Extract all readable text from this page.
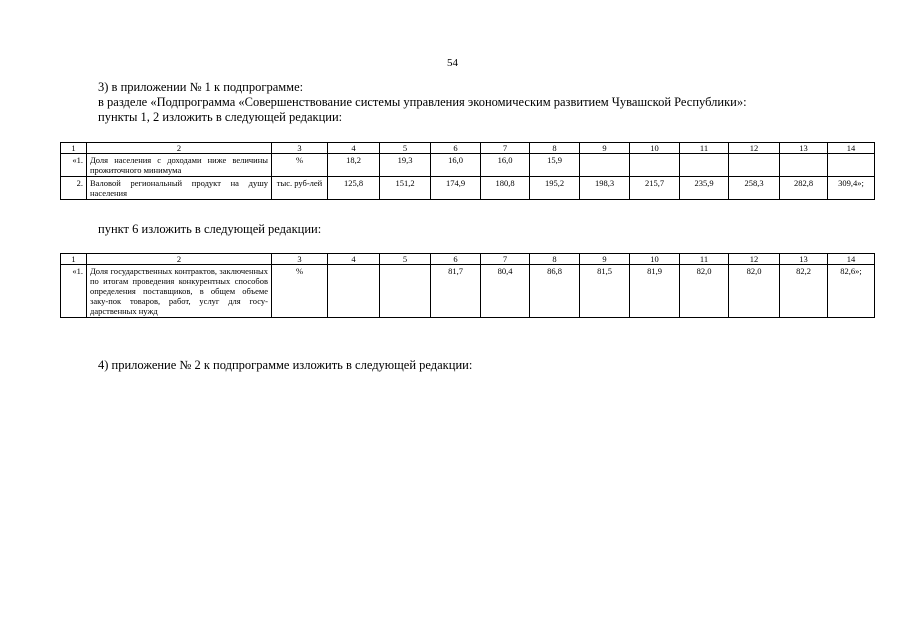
54
3) в приложении № 1 к подпрограмме:
в разделе «Подпрограмма «Совершенствование системы управления экономическим развитием Чувашской Республики»:
пункты 1, 2 изложить в следующей редакции:
1	2	3	4	5	6	7	8	9	10	11	12	13	14
«1.	Доля населения с доходами ниже величины прожиточного минимума	%	18,2	19,3	16,0	16,0	15,9						
2.	Валовой региональный продукт на душу населения	тыс. руб-лей	125,8	151,2	174,9	180,8	195,2	198,3	215,7	235,9	258,3	282,8	309,4»;
пункт 6 изложить в следующей редакции:
1	2	3	4	5	6	7	8	9	10	11	12	13	14
«1.	Доля государственных контрактов, заключенных по итогам проведения конкурентных способов определения поставщиков, в общем объеме заку-пок товаров, работ, услуг для госу-дарственных нужд	%			81,7	80,4	86,8	81,5	81,9	82,0	82,0	82,2	82,6»;
4) приложение № 2 к подпрограмме изложить в следующей редакции:
